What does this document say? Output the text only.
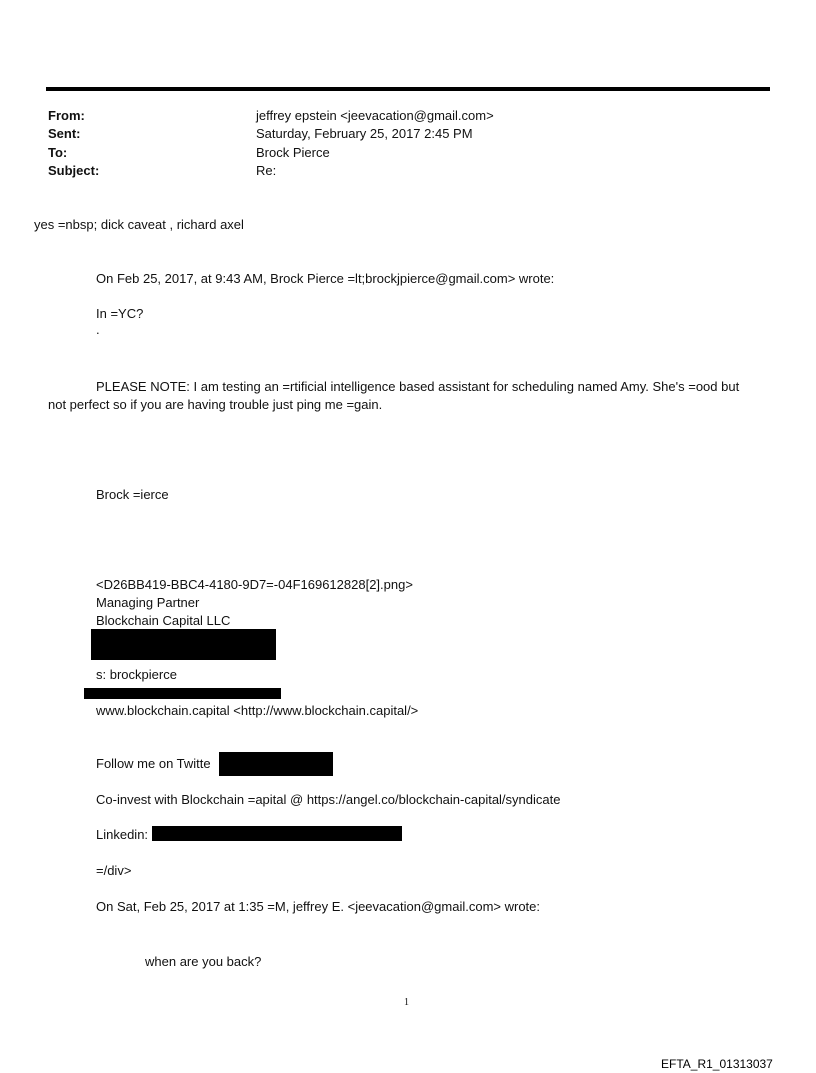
From:	jeffrey epstein <jeevacation@gmail.com>
Sent:	Saturday, February 25, 2017 2:45 PM
To:	Brock Pierce
Subject:	Re:
yes =nbsp; dick caveat , richard axel
On Feb 25, 2017, at 9:43 AM, Brock Pierce =lt;brockjpierce@gmail.com> wrote:
In =YC?
.
PLEASE NOTE: I am testing an =rtificial intelligence based assistant for scheduling named Amy. She's =ood but
not perfect so if you are having trouble just ping me =gain.
Brock =ierce
<D26BB419-BBC4-4180-9D7=-04F169612828[2].png>
Managing Partner
Blockchain Capital LLC
s: brockpierce
www.blockchain.capital <http://www.blockchain.capital/>
Follow me on Twitte
Co-invest with Blockchain =apital @ https://angel.co/blockchain-capital/syndicate
Linkedin:
=/div>
On Sat, Feb 25, 2017 at 1:35 =M, jeffrey E. <jeevacation@gmail.com> wrote:
when are you back?
1
EFTA_R1_01313037
